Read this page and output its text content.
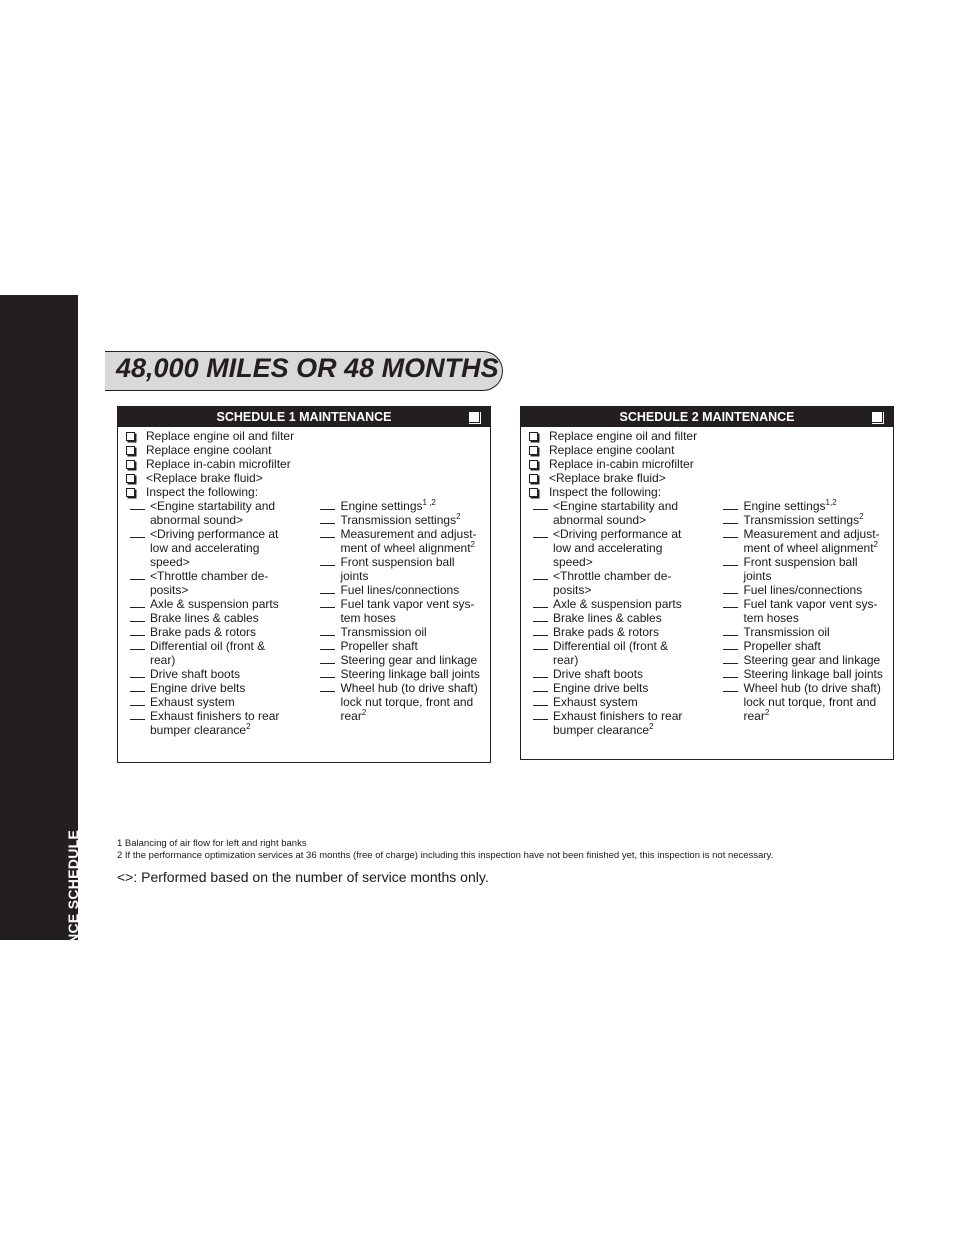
MAINTENANCE SCHEDULE
58
48,000 MILES OR 48 MONTHS
SCHEDULE 1 MAINTENANCE
Replace engine oil and filter
Replace engine coolant
Replace in-cabin microfilter
<Replace brake fluid>
Inspect the following:
<Engine startability and
abnormal sound>
<Driving performance at
low and accelerating
speed>
<Throttle chamber de-
posits>
Axle & suspension parts
Brake lines & cables
Brake pads & rotors
Differential oil (front &
rear)
Drive shaft boots
Engine drive belts
Exhaust system
Exhaust finishers to rear
bumper clearance$^2$
Engine settings$^{1 ,2}$
Transmission settings$^2$
Measurement and adjust-
ment of wheel alignment$^2$
Front suspension ball
joints
Fuel lines/connections
Fuel tank vapor vent sys-
tem hoses
Transmission oil
Propeller shaft
Steering gear and linkage
Steering linkage ball joints
Wheel hub (to drive shaft)
lock nut torque, front and
rear$^2$
SCHEDULE 2 MAINTENANCE
Replace engine oil and filter
Replace engine coolant
Replace in-cabin microfilter
<Replace brake fluid>
Inspect the following:
<Engine startability and
abnormal sound>
<Driving performance at
low and accelerating
speed>
<Throttle chamber de-
posits>
Axle & suspension parts
Brake lines & cables
Brake pads & rotors
Differential oil (front &
rear)
Drive shaft boots
Engine drive belts
Exhaust system
Exhaust finishers to rear
bumper clearance$^2$
Engine settings$^{1,2}$
Transmission settings$^2$
Measurement and adjust-
ment of wheel alignment$^2$
Front suspension ball
joints
Fuel lines/connections
Fuel tank vapor vent sys-
tem hoses
Transmission oil
Propeller shaft
Steering gear and linkage
Steering linkage ball joints
Wheel hub (to drive shaft)
lock nut torque, front and
rear$^2$
1 Balancing of air flow for left and right banks
2 If the performance optimization services at 36 months (free of charge) including this inspection have not been finished yet, this inspection is not necessary.
<>: Performed based on the number of service months only.
